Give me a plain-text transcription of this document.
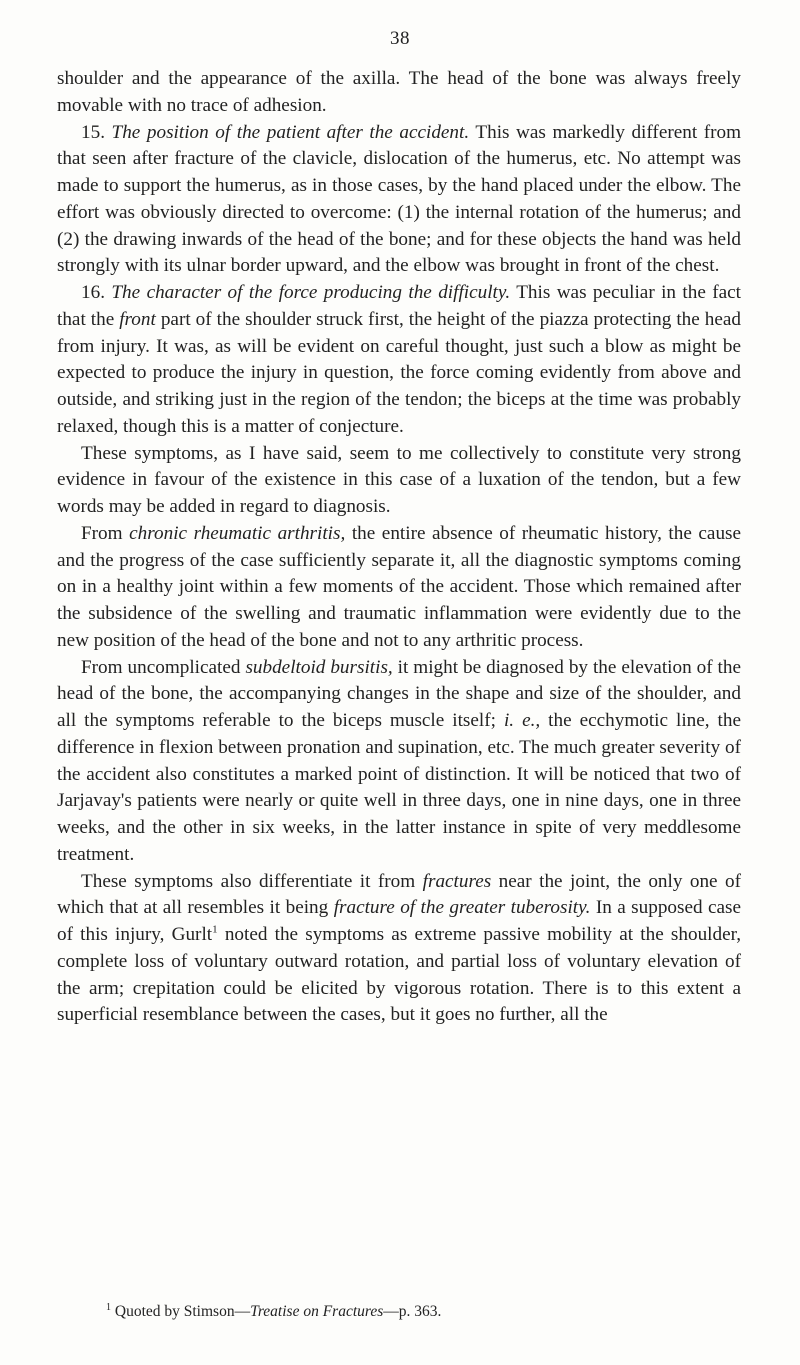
38

shoulder and the appearance of the axilla. The head of the bone was always freely movable with no trace of adhesion.

15. The position of the patient after the accident. This was markedly different from that seen after fracture of the clavicle, dislocation of the humerus, etc. No attempt was made to support the humerus, as in those cases, by the hand placed under the elbow. The effort was obviously directed to overcome: (1) the internal rotation of the humerus; and (2) the drawing inwards of the head of the bone; and for these objects the hand was held strongly with its ulnar border upward, and the elbow was brought in front of the chest.

16. The character of the force producing the difficulty. This was peculiar in the fact that the front part of the shoulder struck first, the height of the piazza protecting the head from injury. It was, as will be evident on careful thought, just such a blow as might be expected to produce the injury in question, the force coming evidently from above and outside, and striking just in the region of the tendon; the biceps at the time was probably relaxed, though this is a matter of conjecture.

These symptoms, as I have said, seem to me collectively to constitute very strong evidence in favour of the existence in this case of a luxation of the tendon, but a few words may be added in regard to diagnosis.

From chronic rheumatic arthritis, the entire absence of rheumatic history, the cause and the progress of the case sufficiently separate it, all the diagnostic symptoms coming on in a healthy joint within a few moments of the accident. Those which remained after the subsidence of the swelling and traumatic inflammation were evidently due to the new position of the head of the bone and not to any arthritic process.

From uncomplicated subdeltoid bursitis, it might be diagnosed by the elevation of the head of the bone, the accompanying changes in the shape and size of the shoulder, and all the symptoms referable to the biceps muscle itself; i. e., the ecchymotic line, the difference in flexion between pronation and supination, etc. The much greater severity of the accident also constitutes a marked point of distinction. It will be noticed that two of Jarjavay's patients were nearly or quite well in three days, one in nine days, one in three weeks, and the other in six weeks, in the latter instance in spite of very meddlesome treatment.

These symptoms also differentiate it from fractures near the joint, the only one of which that at all resembles it being fracture of the greater tuberosity. In a supposed case of this injury, Gurlt$^1$ noted the symptoms as extreme passive mobility at the shoulder, complete loss of voluntary outward rotation, and partial loss of voluntary elevation of the arm; crepitation could be elicited by vigorous rotation. There is to this extent a superficial resemblance between the cases, but it goes no further, all the

$^1$ Quoted by Stimson—Treatise on Fractures—p. 363.
